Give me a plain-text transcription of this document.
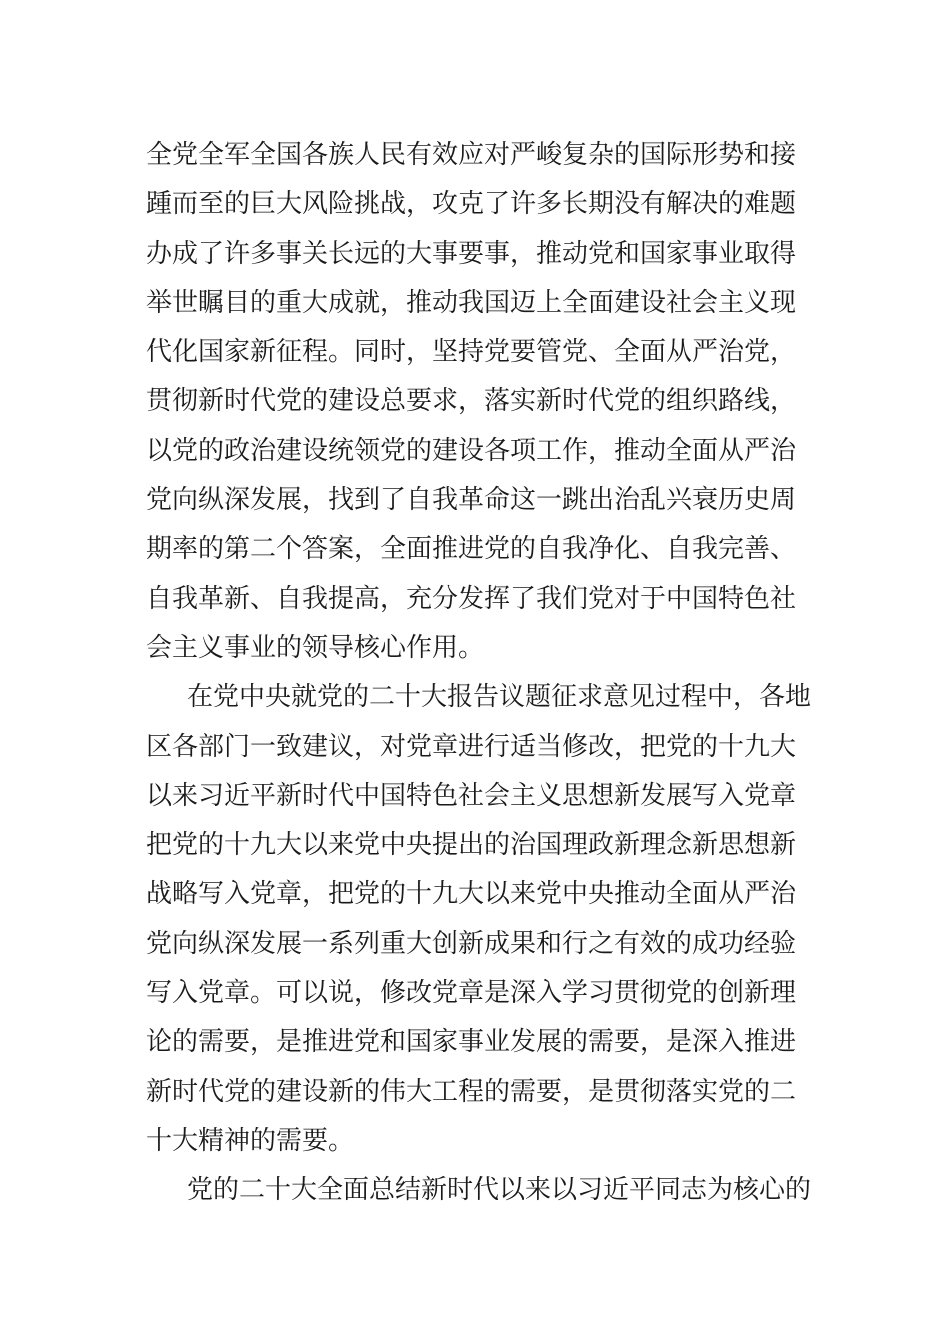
全党全军全国各族人民有效应对严峻复杂的国际形势和接
踵而至的巨大风险挑战，攻克了许多长期没有解决的难题
办成了许多事关长远的大事要事，推动党和国家事业取得
举世瞩目的重大成就，推动我国迈上全面建设社会主义现
代化国家新征程。同时，坚持党要管党、全面从严治党，
贯彻新时代党的建设总要求，落实新时代党的组织路线，
以党的政治建设统领党的建设各项工作，推动全面从严治
党向纵深发展，找到了自我革命这一跳出治乱兴衰历史周
期率的第二个答案，全面推进党的自我净化、自我完善、
自我革新、自我提高，充分发挥了我们党对于中国特色社
会主义事业的领导核心作用。
在党中央就党的二十大报告议题征求意见过程中，各地
区各部门一致建议，对党章进行适当修改，把党的十九大
以来习近平新时代中国特色社会主义思想新发展写入党章
把党的十九大以来党中央提出的治国理政新理念新思想新
战略写入党章，把党的十九大以来党中央推动全面从严治
党向纵深发展一系列重大创新成果和行之有效的成功经验
写入党章。可以说，修改党章是深入学习贯彻党的创新理
论的需要，是推进党和国家事业发展的需要，是深入推进
新时代党的建设新的伟大工程的需要，是贯彻落实党的二
十大精神的需要。
党的二十大全面总结新时代以来以习近平同志为核心的
